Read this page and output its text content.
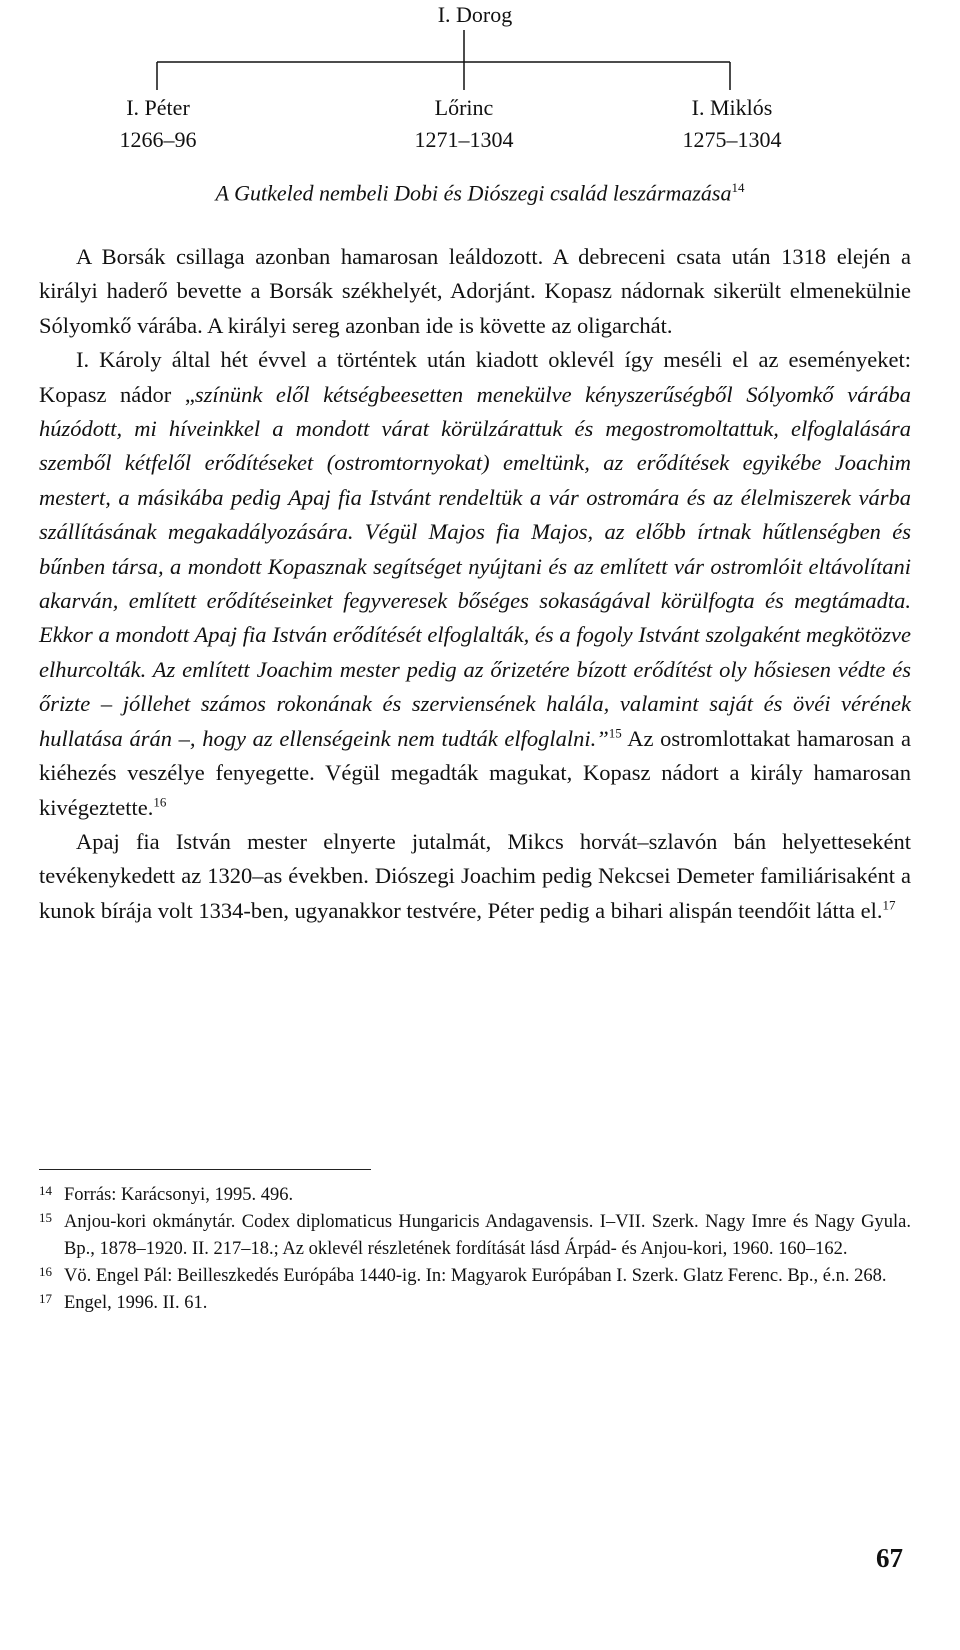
I. Dorog
I. Péter
1266–96
Lőrinc
1271–1304
I. Miklós
1275–1304
A Gutkeled nembeli Dobi és Diószegi család leszármazása$^{14}$

A Borsák csillaga azonban hamarosan leáldozott. A debreceni csata után 1318 elején a királyi haderő bevette a Borsák székhelyét, Adorjánt. Kopasz nádornak sikerült elmenekülnie Sólyomkő várába. A királyi sereg azonban ide is követte az oligarchát.

I. Károly által hét évvel a történtek után kiadott oklevél így meséli el az eseményeket: Kopasz nádor „színünk elől kétségbeesetten menekülve kényszerűségből Sólyomkő várába húzódott, mi híveinkkel a mondott várat körülzárattuk és megostromoltattuk, elfoglalására szemből kétfelől erődítéseket (ostromtornyokat) emeltünk, az erődítések egyikébe Joachim mestert, a másikába pedig Apaj fia Istvánt rendeltük a vár ostromára és az élelmiszerek várba szállításának megakadályozására. Végül Majos fia Majos, az előbb írtnak hűtlenségben és bűnben társa, a mondott Kopasznak segítséget nyújtani és az említett vár ostromlóit eltávolítani akarván, említett erődítéseinket fegyveresek bőséges sokaságával körülfogta és megtámadta. Ekkor a mondott Apaj fia István erődítését elfoglalták, és a fogoly Istvánt szolgaként megkötözve elhurcolták. Az említett Joachim mester pedig az őrizetére bízott erődítést oly hősiesen védte és őrizte – jóllehet számos rokonának és szerviensének halála, valamint saját és övéi vérének hullatása árán –, hogy az ellenségeink nem tudták elfoglalni.”$^{15}$ Az ostromlottakat hamarosan a kiéhezés veszélye fenyegette. Végül megadták magukat, Kopasz nádort a király hamarosan kivégeztette.$^{16}$

Apaj fia István mester elnyerte jutalmát, Mikcs horvát–szlavón bán helyetteseként tevékenykedett az 1320–as években. Diószegi Joachim pedig Nekcsei Demeter familiárisaként a kunok bírája volt 1334-ben, ugyanakkor testvére, Péter pedig a bihari alispán teendőit látta el.$^{17}$

14 Forrás: Karácsonyi, 1995. 496.
15 Anjou-kori okmánytár. Codex diplomaticus Hungaricis Andagavensis. I–VII. Szerk. Nagy Imre és Nagy Gyula. Bp., 1878–1920. II. 217–18.; Az oklevél részletének fordítását lásd Árpád- és Anjou-kori, 1960. 160–162.
16 Vö. Engel Pál: Beilleszkedés Európába 1440-ig. In: Magyarok Európában I. Szerk. Glatz Ferenc. Bp., é.n. 268.
17 Engel, 1996. II. 61.
67
